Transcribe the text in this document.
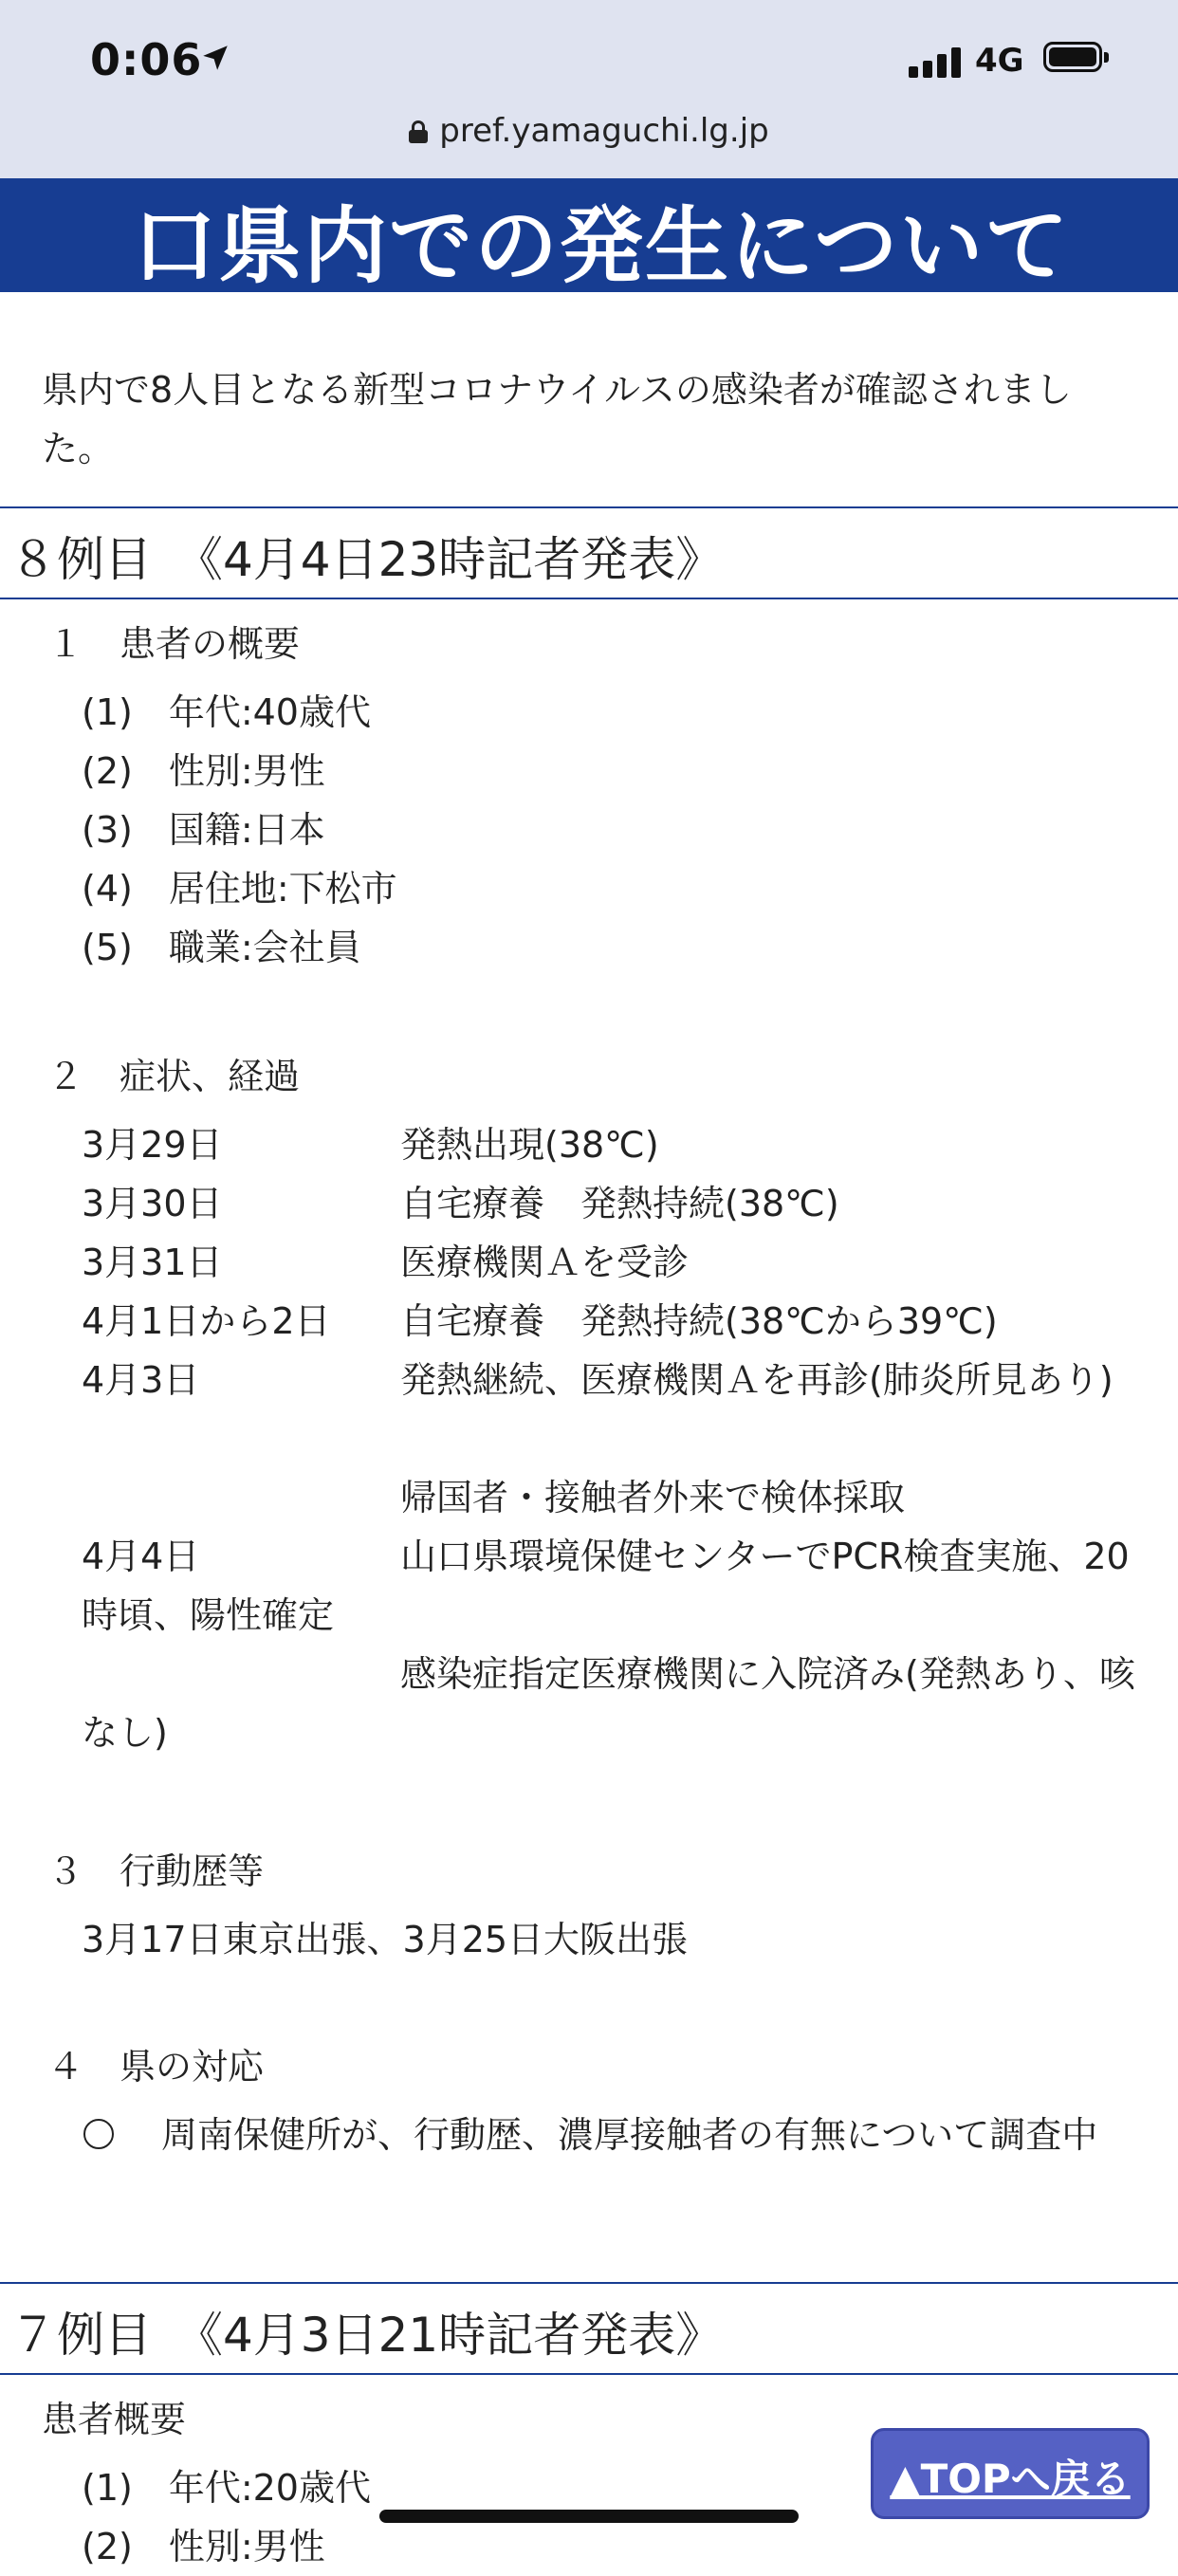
0:06	4G
pref.yamaguchi.lg.jp
口県内での発生について
県内で8人目となる新型コロナウイルスの感染者が確認されました。
８例目　《4月4日23時記者発表》
１　患者の概要
(1)　年代:40歳代
(2)　性別:男性
(3)　国籍:日本
(4)　居住地:下松市
(5)　職業:会社員
２　症状、経過
3月29日	発熱出現(38℃)
3月30日	自宅療養　発熱持続(38℃)
3月31日	医療機関Ａを受診
4月1日から2日 自宅療養　発熱持続(38℃から39℃)
4月3日	発熱継続、医療機関Ａを再診(肺炎所見あり)
帰国者・接触者外来で検体採取
4月4日	山口県環境保健センターでPCR検査実施、20時頃、陽性確定
感染症指定医療機関に入院済み(発熱あり、咳なし)
３　行動歴等
3月17日東京出張、3月25日大阪出張
４　県の対応
周南保健所が、行動歴、濃厚接触者の有無について調査中
７例目　《4月3日21時記者発表》
患者概要
(1)　年代:20歳代
(2)　性別:男性
▲TOPへ戻る
